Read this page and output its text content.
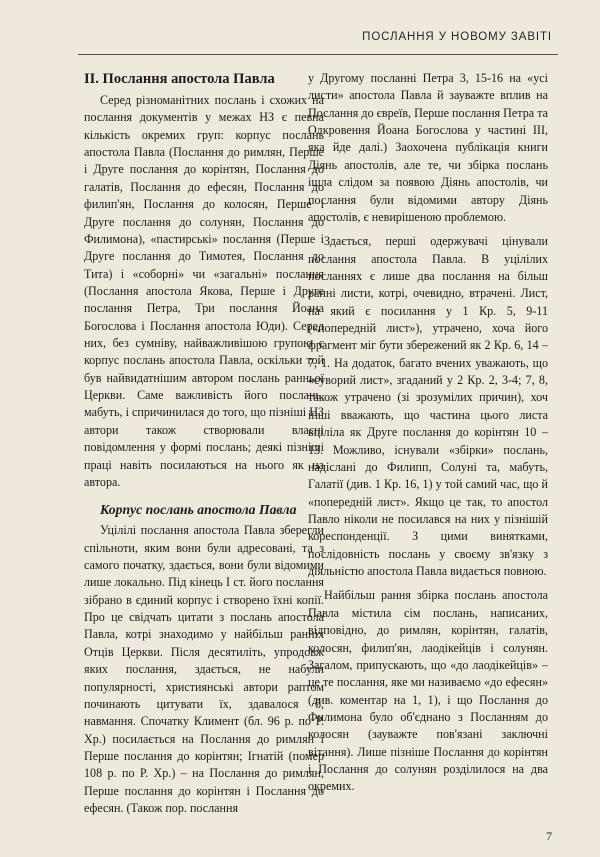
ПОСЛАННЯ У НОВОМУ ЗАВІТІ
II. Послання апостола Павла

Серед різноманітних послань і схожих на послання документів у межах НЗ є певна кількість окремих груп: корпус послань апостола Павла (Послання до римлян, Перше і Друге послання до корінтян, Послання до галатів, Послання до ефесян, Послання до филип'ян, Послання до колосян, Перше і Друге послання до солунян, Послання до Филимона), «пастирські» послання (Перше і Друге послання до Тимотея, Послання до Тита) і «соборні» чи «загальні» послання (Послання апостола Якова, Перше і Друге послання Петра, Три послання Йоана Богослова і Послання апостола Юди). Серед них, без сумніву, найважливішою групою є корпус послань апостола Павла, оскільки той був найвидатнішим автором послань ранньої Церкви. Саме важливість його послань, мабуть, і спричинилася до того, що пізніші НЗ автори також створювали власні повідомлення у формі послань; деякі пізніші праці навіть посилаються на нього як на автора.

Корпус послань апостола Павла

Уцілілі послання апостола Павла зберегли спільноти, яким вони були адресовані, та з самого початку, здається, вони були відомими лише локально. Під кінець I ст. його послання зібрано в єдиний корпус і створено їхні копії. Про це свідчать цитати з послань апостола Павла, котрі знаходимо у найбільш ранніх Отців Церкви. Після десятиліть, упродовж яких послання, здається, не набули популярності, християнські автори раптом починають цитувати їх, здавалося б, навмання. Спочатку Климент (бл. 96 р. по Р. Хр.) посилається на Послання до римлян і Перше послання до корінтян; Ігнатій (помер 108 р. по Р. Хр.) – на Послання до римлян, Перше послання до корінтян і Послання до ефесян. (Також пор. послання

у Другому посланні Петра 3, 15-16 на «усі листи» апостола Павла й зауважте вплив на Послання до євреїв, Перше послання Петра та Одкровення Йоана Богослова у частині III, яка йде далі.) Заохочена публікація книги Діянь апостолів, але те, чи збірка послань ішла слідом за появою Діянь апостолів, чи послання були відомими автору Діянь апостолів, є невирішеною проблемою.

Здається, перші одержувачі цінували послання апостола Павла. В уцілілих посланнях є лише два послання на більш ранні листи, котрі, очевидно, втрачені. Лист, на який є посилання у 1 Кр. 5, 9-11 («попередній лист»), утрачено, хоча його фрагмент міг бути збережений як 2 Кр. 6, 14 – 7, 1. На додаток, багато вчених уважають, що «суворий лист», згаданий у 2 Кр. 2, 3-4; 7, 8, також утрачено (зі зрозумілих причин), хоч інші вважають, що частина цього листа вціліла як Друге послання до корінтян 10 – 13. Можливо, існували «збірки» послань, надіслані до Филипп, Солуні та, мабуть, Галатії (див. 1 Кр. 16, 1) у той самий час, що й «попередній лист». Якщо це так, то апостол Павло ніколи не посилався на них у пізнішій кореспонденції. З цими винятками, послідовність послань у своєму зв'язку з діяльністю апостола Павла видається повною.

Найбільш рання збірка послань апостола Павла містила сім послань, написаних, відповідно, до римлян, корінтян, галатів, колосян, филип'ян, лаодікейців і солунян. Загалом, припускають, що «до лаодікейців» – це те послання, яке ми називаємо «до ефесян» (див. коментар на 1, 1), і що Послання до Филимона було об'єднано з Посланням до колосян (зауважте пов'язані заключні вітання). Лише пізніше Послання до корінтян і Послання до солунян розділилося на два окремих.

7
